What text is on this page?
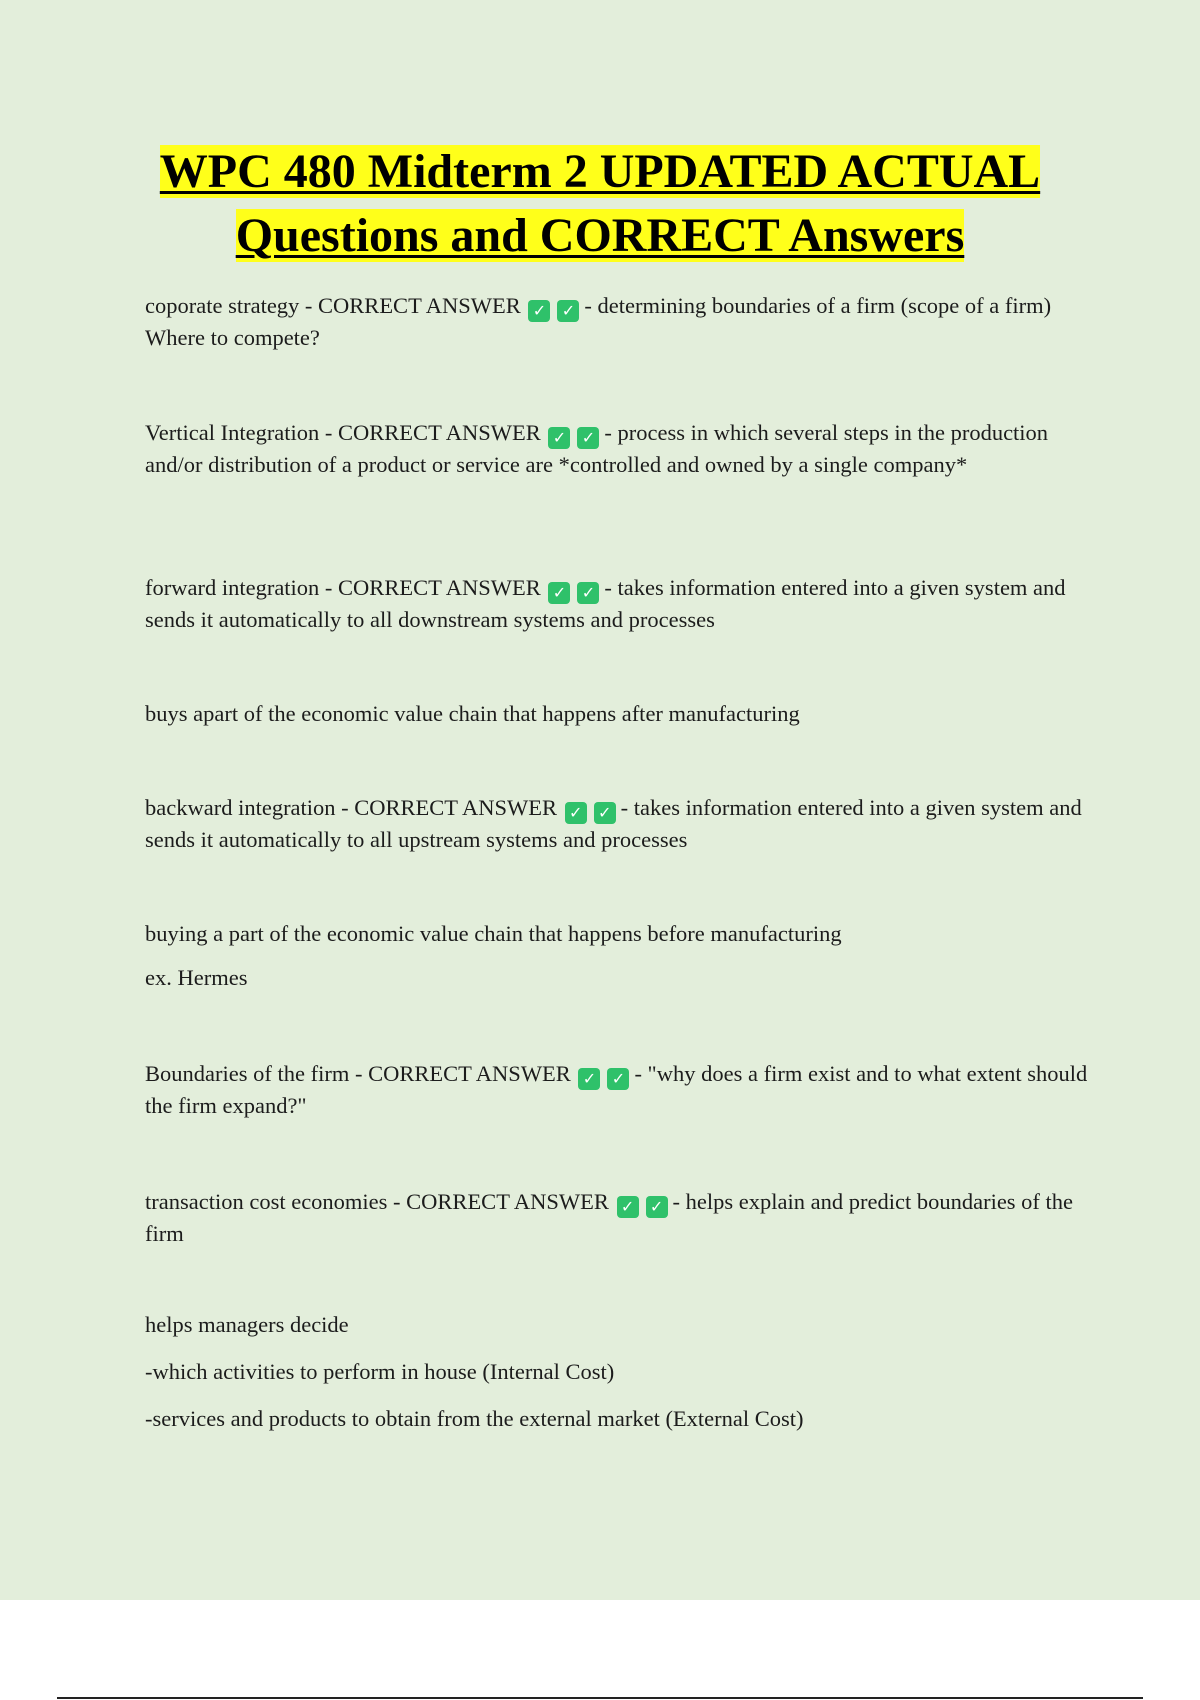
WPC 480 Midterm 2 UPDATED ACTUAL
Questions and CORRECT Answers

coporate strategy - CORRECT ANSWER ✓ ✓ - determining boundaries of a firm (scope of a firm) Where to compete?

Vertical Integration - CORRECT ANSWER ✓ ✓ - process in which several steps in the production and/or distribution of a product or service are *controlled and owned by a single company*

forward integration - CORRECT ANSWER ✓ ✓ - takes information entered into a given system and sends it automatically to all downstream systems and processes

buys apart of the economic value chain that happens after manufacturing

backward integration - CORRECT ANSWER ✓ ✓ - takes information entered into a given system and sends it automatically to all upstream systems and processes

buying a part of the economic value chain that happens before manufacturing

ex. Hermes

Boundaries of the firm - CORRECT ANSWER ✓ ✓ - "why does a firm exist and to what extent should the firm expand?"

transaction cost economies - CORRECT ANSWER ✓ ✓ - helps explain and predict boundaries of the firm

helps managers decide

-which activities to perform in house (Internal Cost)

-services and products to obtain from the external market (External Cost)
